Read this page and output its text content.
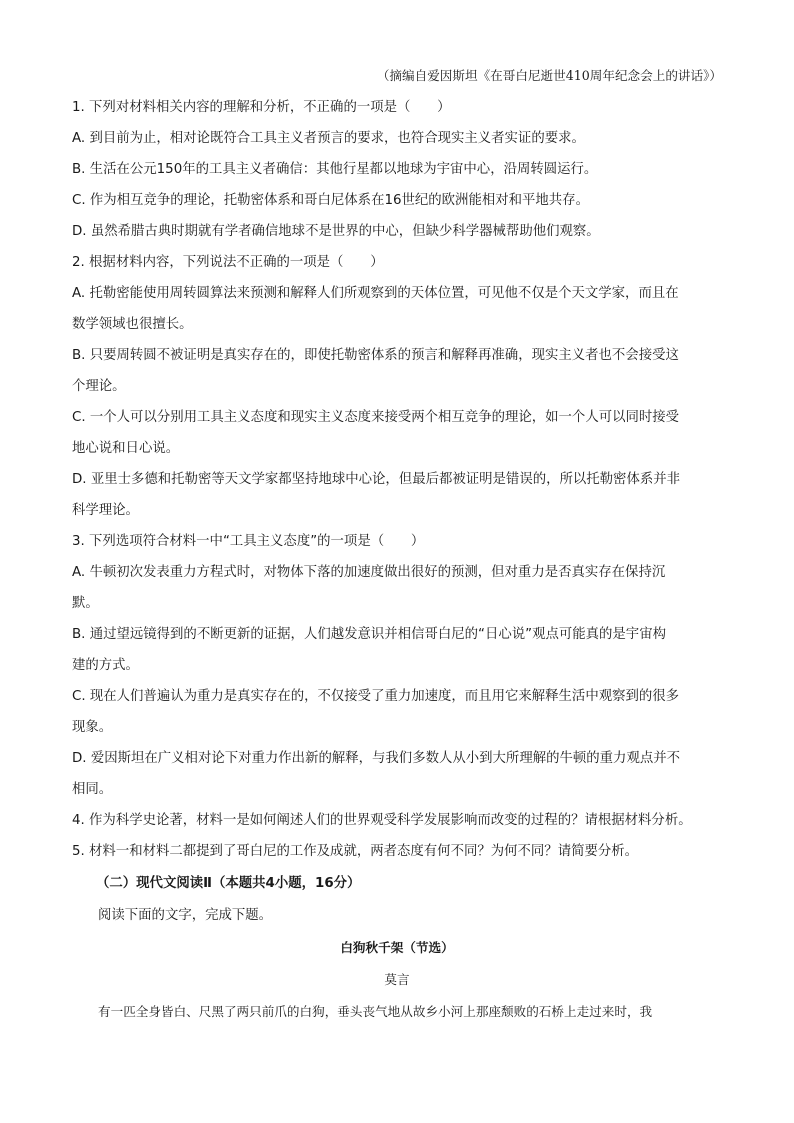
（摘编自爱因斯坦《在哥白尼逝世410周年纪念会上的讲话》）
1. 下列对材料相关内容的理解和分析，不正确的一项是（　　）
A. 到目前为止，相对论既符合工具主义者预言的要求，也符合现实主义者实证的要求。
B. 生活在公元150年的工具主义者确信：其他行星都以地球为宇宙中心，沿周转圆运行。
C. 作为相互竞争的理论，托勒密体系和哥白尼体系在16世纪的欧洲能相对和平地共存。
D. 虽然希腊古典时期就有学者确信地球不是世界的中心，但缺少科学器械帮助他们观察。
2. 根据材料内容，下列说法不正确的一项是（　　）
A. 托勒密能使用周转圆算法来预测和解释人们所观察到的天体位置，可见他不仅是个天文学家，而且在
数学领域也很擅长。
B. 只要周转圆不被证明是真实存在的，即使托勒密体系的预言和解释再准确，现实主义者也不会接受这
个理论。
C. 一个人可以分别用工具主义态度和现实主义态度来接受两个相互竞争的理论，如一个人可以同时接受
地心说和日心说。
D. 亚里士多德和托勒密等天文学家都坚持地球中心论，但最后都被证明是错误的，所以托勒密体系并非
科学理论。
3. 下列选项符合材料一中“工具主义态度”的一项是（　　）
A. 牛顿初次发表重力方程式时，对物体下落的加速度做出很好的预测，但对重力是否真实存在保持沉
默。
B. 通过望远镜得到的不断更新的证据，人们越发意识并相信哥白尼的“日心说”观点可能真的是宇宙构
建的方式。
C. 现在人们普遍认为重力是真实存在的，不仅接受了重力加速度，而且用它来解释生活中观察到的很多
现象。
D. 爱因斯坦在广义相对论下对重力作出新的解释，与我们多数人从小到大所理解的牛顿的重力观点并不
相同。
4. 作为科学史论著，材料一是如何阐述人们的世界观受科学发展影响而改变的过程的？请根据材料分析。
5. 材料一和材料二都提到了哥白尼的工作及成就，两者态度有何不同？为何不同？请简要分析。
（二）现代文阅读Ⅱ（本题共4小题，16分）
阅读下面的文字，完成下题。
白狗秋千架（节选）
莫言
有一匹全身皆白、尺黑了两只前爪的白狗，垂头丧气地从故乡小河上那座颓败的石桥上走过来时，我
